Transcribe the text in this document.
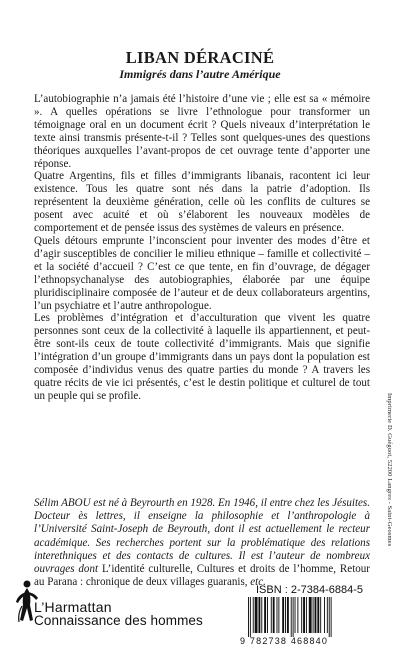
LIBAN DÉRACINÉ
Immigrés dans l’autre Amérique

L’autobiographie n’a jamais été l’histoire d’une vie ; elle est sa « mémoire ». A quelles opérations se livre l’ethnologue pour transformer un témoignage oral en un document écrit ? Quels niveaux d’interprétation le texte ainsi transmis présente-t-il ? Telles sont quelques-unes des questions théoriques auxquelles l’avant-propos de cet ouvrage tente d’apporter une réponse.

Quatre Argentins, fils et filles d’immigrants libanais, racontent ici leur existence. Tous les quatre sont nés dans la patrie d’adoption. Ils représentent la deuxième génération, celle où les conflits de cultures se posent avec acuité et où s’élaborent les nouveaux modèles de comportement et de pensée issus des systèmes de valeurs en présence.

Quels détours emprunte l’inconscient pour inventer des modes d’être et d’agir susceptibles de concilier le milieu ethnique – famille et collectivité – et la société d’accueil ? C’est ce que tente, en fin d’ouvrage, de dégager l’ethnopsychanalyse des autobiographies, élaborée par une équipe pluridisciplinaire composée de l’auteur et de deux collaborateurs argentins, l’un psychiatre et l’autre anthropologue.

Les problèmes d’intégration et d’acculturation que vivent les quatre personnes sont ceux de la collectivité à laquelle ils appartiennent, et peut-être sont-ils ceux de toute collectivité d’immigrants. Mais que signifie l’intégration d’un groupe d’immigrants dans un pays dont la population est composée d’individus venus des quatre parties du monde ? A travers les quatre récits de vie ici présentés, c’est le destin politique et culturel de tout un peuple qui se profile.

Sélim ABOU est né à Beyrourth en 1928. En 1946, il entre chez les Jésuites. Docteur ès lettres, il enseigne la philosophie et l’anthropologie à l’Université Saint-Joseph de Beyrouth, dont il est actuellement le recteur académique. Ses recherches portent sur la problématique des relations interethniques et des contacts de cultures. Il est l’auteur de nombreux ouvrages dont L’identité culturelle, Cultures et droits de l’homme, Retour au Parana : chronique de deux villages guaranis, etc.
Imprimerie D. Guéguot, 52200 Langres - Saint-Geosmes
L’Harmattan
Connaissance des hommes
ISBN : 2-7384-6884-5
9 782738 468840
